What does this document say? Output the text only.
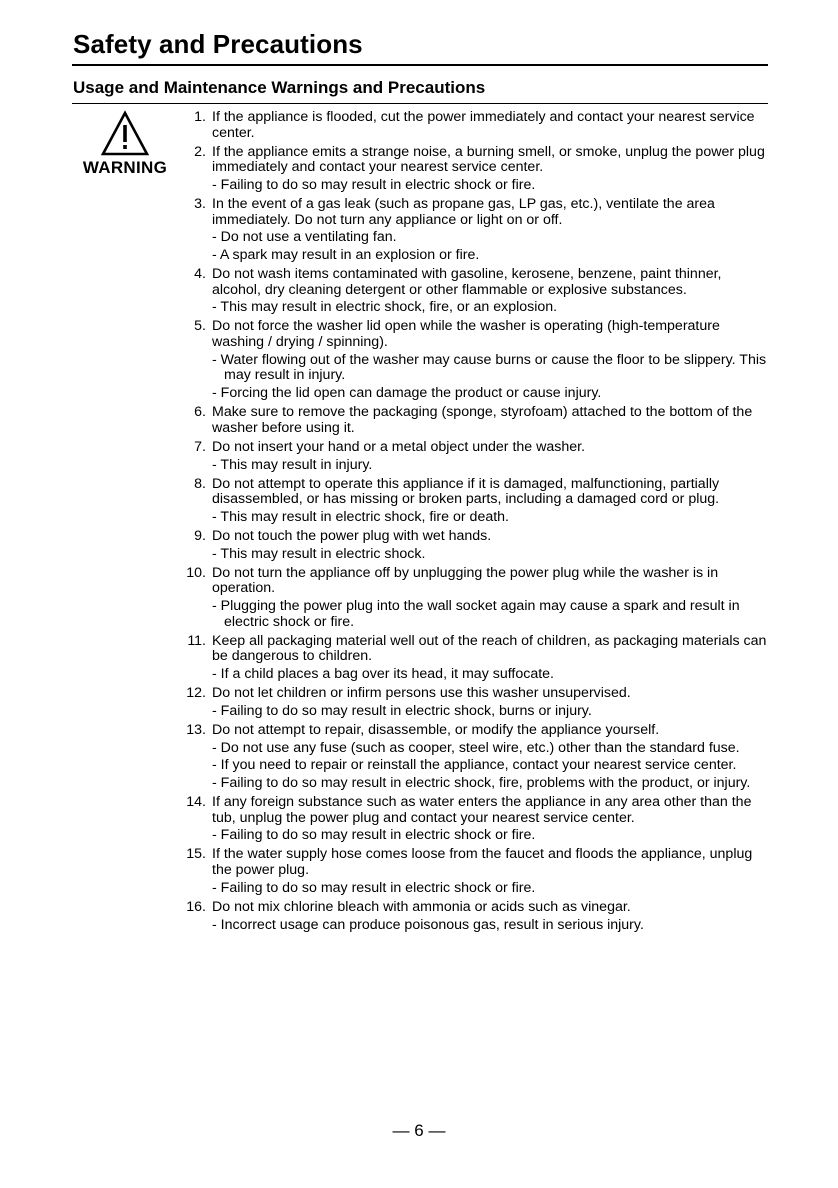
Safety and Precautions
Usage and Maintenance Warnings and Precautions
WARNING
1. If the appliance is flooded, cut the power immediately and contact your nearest service center.
2. If the appliance emits a strange noise, a burning smell, or smoke, unplug the power plug immediately and contact your nearest service center.
- Failing to do so may result in electric shock or fire.
3. In the event of a gas leak (such as propane gas, LP gas, etc.), ventilate the area immediately. Do not turn any appliance or light on or off.
- Do not use a ventilating fan.
- A spark may result in an explosion or fire.
4. Do not wash items contaminated with gasoline, kerosene, benzene, paint thinner, alcohol, dry cleaning detergent or other flammable or explosive substances.
- This may result in electric shock, fire, or an explosion.
5. Do not force the washer lid open while the washer is operating (high-temperature washing / drying / spinning).
- Water flowing out of the washer may cause burns or cause the floor to be slippery. This may result in injury.
- Forcing the lid open can damage the product or cause injury.
6. Make sure to remove the packaging (sponge, styrofoam) attached to the bottom of the washer before using it.
7. Do not insert your hand or a metal object under the washer.
- This may result in injury.
8. Do not attempt to operate this appliance if it is damaged, malfunctioning, partially disassembled, or has missing or broken parts, including a damaged cord or plug.
- This may result in electric shock, fire or death.
9. Do not touch the power plug with wet hands.
- This may result in electric shock.
10. Do not turn the appliance off by unplugging the power plug while the washer is in operation.
- Plugging the power plug into the wall socket again may cause a spark and result in electric shock or fire.
11. Keep all packaging material well out of the reach of children, as packaging materials can be dangerous to children.
- If a child places a bag over its head, it may suffocate.
12. Do not let children or infirm persons use this washer unsupervised.
- Failing to do so may result in electric shock, burns or injury.
13. Do not attempt to repair, disassemble, or modify the appliance yourself.
- Do not use any fuse (such as cooper, steel wire, etc.) other than the standard fuse.
- If you need to repair or reinstall the appliance, contact your nearest service center.
- Failing to do so may result in electric shock, fire, problems with the product, or injury.
14. If any foreign substance such as water enters the appliance in any area other than the tub, unplug the power plug and contact your nearest service center.
- Failing to do so may result in electric shock or fire.
15. If the water supply hose comes loose from the faucet and floods the appliance, unplug the power plug.
- Failing to do so may result in electric shock or fire.
16. Do not mix chlorine bleach with ammonia or acids such as vinegar.
- Incorrect usage can produce poisonous gas, result in serious injury.
— 6 —
